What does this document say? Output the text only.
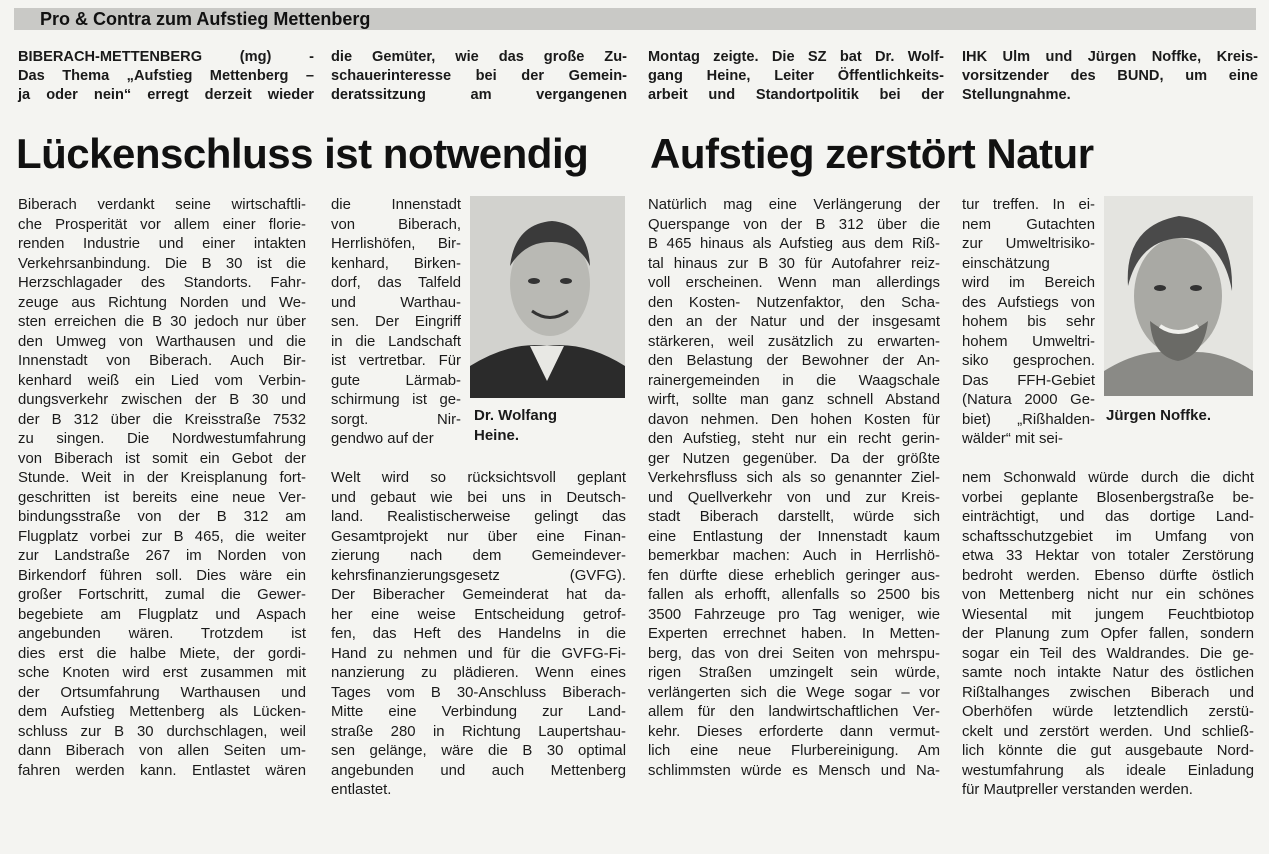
Pro & Contra zum Aufstieg Mettenberg
BIBERACH-METTENBERG (mg) -
Das Thema „Aufstieg Mettenberg –
ja oder nein“ erregt derzeit wieder
die Gemüter, wie das große Zu-
schauerinteresse bei der Gemein-
deratssitzung am vergangenen
Montag zeigte. Die SZ bat Dr. Wolf-
gang Heine, Leiter Öffentlichkeits-
arbeit und Standortpolitik bei der
IHK Ulm und Jürgen Noffke, Kreis-
vorsitzender des BUND, um eine
Stellungnahme.
Lückenschluss ist notwendig Aufstieg zerstört Natur
Biberach verdankt seine wirtschaftli-
che Prosperität vor allem einer florie-
renden Industrie und einer intakten
Verkehrsanbindung. Die B 30 ist die
Herzschlagader des Standorts. Fahr-
zeuge aus Richtung Norden und We-
sten erreichen die B 30 jedoch nur über
den Umweg von Warthausen und die
Innenstadt von Biberach. Auch Bir-
kenhard weiß ein Lied vom Verbin-
dungsverkehr zwischen der B 30 und
der B 312 über die Kreisstraße 7532
zu singen. Die Nordwestumfahrung
von Biberach ist somit ein Gebot der
Stunde. Weit in der Kreisplanung fort-
geschritten ist bereits eine neue Ver-
bindungsstraße von der B 312 am
Flugplatz vorbei zur B 465, die weiter
zur Landstraße 267 im Norden von
Birkendorf führen soll. Dies wäre ein
großer Fortschritt, zumal die Gewer-
begebiete am Flugplatz und Aspach
angebunden wären. Trotzdem ist
dies erst die halbe Miete, der gordi-
sche Knoten wird erst zusammen mit
der Ortsumfahrung Warthausen und
dem Aufstieg Mettenberg als Lücken-
schluss zur B 30 durchschlagen, weil
dann Biberach von allen Seiten um-
fahren werden kann. Entlastet wären
die Innenstadt
von Biberach,
Herrlishöfen, Bir-
kenhard, Birken-
dorf, das Talfeld
und Warthau-
sen. Der Eingriff
in die Landschaft
ist vertretbar. Für
gute Lärmab-
schirmung ist ge-
sorgt. Nir-
gendwo auf der
Welt wird so rücksichtsvoll geplant
und gebaut wie bei uns in Deutsch-
land. Realistischerweise gelingt das
Gesamtprojekt nur über eine Finan-
zierung nach dem Gemeindever-
kehrsfinanzierungsgesetz (GVFG).
Der Biberacher Gemeinderat hat da-
her eine weise Entscheidung getrof-
fen, das Heft des Handelns in die
Hand zu nehmen und für die GVFG-Fi-
nanzierung zu plädieren. Wenn eines
Tages vom B 30-Anschluss Biberach-
Mitte eine Verbindung zur Land-
straße 280 in Richtung Laupertshau-
sen gelänge, wäre die B 30 optimal
angebunden und auch Mettenberg
entlastet.
Dr. Wolfang
Heine.
Natürlich mag eine Verlängerung der
Querspange von der B 312 über die
B 465 hinaus als Aufstieg aus dem Riß-
tal hinaus zur B 30 für Autofahrer reiz-
voll erscheinen. Wenn man allerdings
den Kosten- Nutzenfaktor, den Scha-
den an der Natur und der insgesamt
stärkeren, weil zusätzlich zu erwarten-
den Belastung der Bewohner der An-
rainergemeinden in die Waagschale
wirft, sollte man ganz schnell Abstand
davon nehmen. Den hohen Kosten für
den Aufstieg, steht nur ein recht gerin-
ger Nutzen gegenüber. Da der größte
Verkehrsfluss sich als so genannter Ziel-
und Quellverkehr von und zur Kreis-
stadt Biberach darstellt, würde sich
eine Entlastung der Innenstadt kaum
bemerkbar machen: Auch in Herrlishö-
fen dürfte diese erheblich geringer aus-
fallen als erhofft, allenfalls so 2500 bis
3500 Fahrzeuge pro Tag weniger, wie
Experten errechnet haben. In Metten-
berg, das von drei Seiten von mehrspu-
rigen Straßen umzingelt sein würde,
verlängerten sich die Wege sogar – vor
allem für den landwirtschaftlichen Ver-
kehr. Dieses erforderte dann vermut-
lich eine neue Flurbereinigung. Am
schlimmsten würde es Mensch und Na-
tur treffen. In ei-
nem Gutachten
zur Umweltrisiko-
einschätzung
wird im Bereich
des Aufstiegs von
hohem bis sehr
hohem Umweltri-
siko gesprochen.
Das FFH-Gebiet
(Natura 2000 Ge-
biet) „Rißhalden-
wälder“ mit sei-
nem Schonwald würde durch die dicht
vorbei geplante Blosenbergstraße be-
einträchtigt, und das dortige Land-
schaftsschutzgebiet im Umfang von
etwa 33 Hektar von totaler Zerstörung
bedroht werden. Ebenso dürfte östlich
von Mettenberg nicht nur ein schönes
Wiesental mit jungem Feuchtbiotop
der Planung zum Opfer fallen, sondern
sogar ein Teil des Waldrandes. Die ge-
samte noch intakte Natur des östlichen
Rißtalhanges zwischen Biberach und
Oberhöfen würde letztendlich zerstü-
ckelt und zerstört werden. Und schließ-
lich könnte die gut ausgebaute Nord-
westumfahrung als ideale Einladung
für Mautpreller verstanden werden.
Jürgen Noffke.
